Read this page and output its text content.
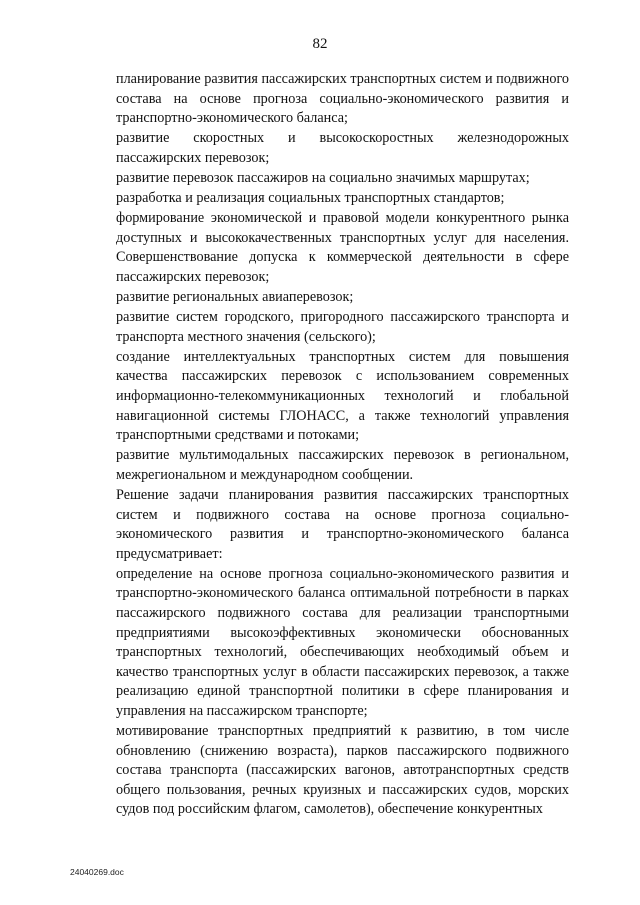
82

планирование развития пассажирских транспортных систем и подвижного состава на основе прогноза социально-экономического развития и транспортно-экономического баланса;

развитие скоростных и высокоскоростных железнодорожных пассажирских перевозок;

развитие перевозок пассажиров на социально значимых маршрутах;

разработка и реализация социальных транспортных стандартов;

формирование экономической и правовой модели конкурентного рынка доступных и высококачественных транспортных услуг для населения. Совершенствование допуска к коммерческой деятельности в сфере пассажирских перевозок;

развитие региональных авиаперевозок;

развитие систем городского, пригородного пассажирского транспорта и транспорта местного значения (сельского);

создание интеллектуальных транспортных систем для повышения качества пассажирских перевозок с использованием современных информационно-телекоммуникационных технологий и глобальной навигационной системы ГЛОНАСС, а также технологий управления транспортными средствами и потоками;

развитие мультимодальных пассажирских перевозок в региональном, межрегиональном и международном сообщении.

Решение задачи планирования развития пассажирских транспортных систем и подвижного состава на основе прогноза социально-экономического развития и транспортно-экономического баланса предусматривает:

определение на основе прогноза социально-экономического развития и транспортно-экономического баланса оптимальной потребности в парках пассажирского подвижного состава для реализации транспортными предприятиями высокоэффективных экономически обоснованных транспортных технологий, обеспечивающих необходимый объем и качество транспортных услуг в области пассажирских перевозок, а также реализацию единой транспортной политики в сфере планирования и управления на пассажирском транспорте;

мотивирование транспортных предприятий к развитию, в том числе обновлению (снижению возраста), парков пассажирского подвижного состава транспорта (пассажирских вагонов, автотранспортных средств общего пользования, речных круизных и пассажирских судов, морских судов под российским флагом, самолетов), обеспечение конкурентных

24040269.doc
